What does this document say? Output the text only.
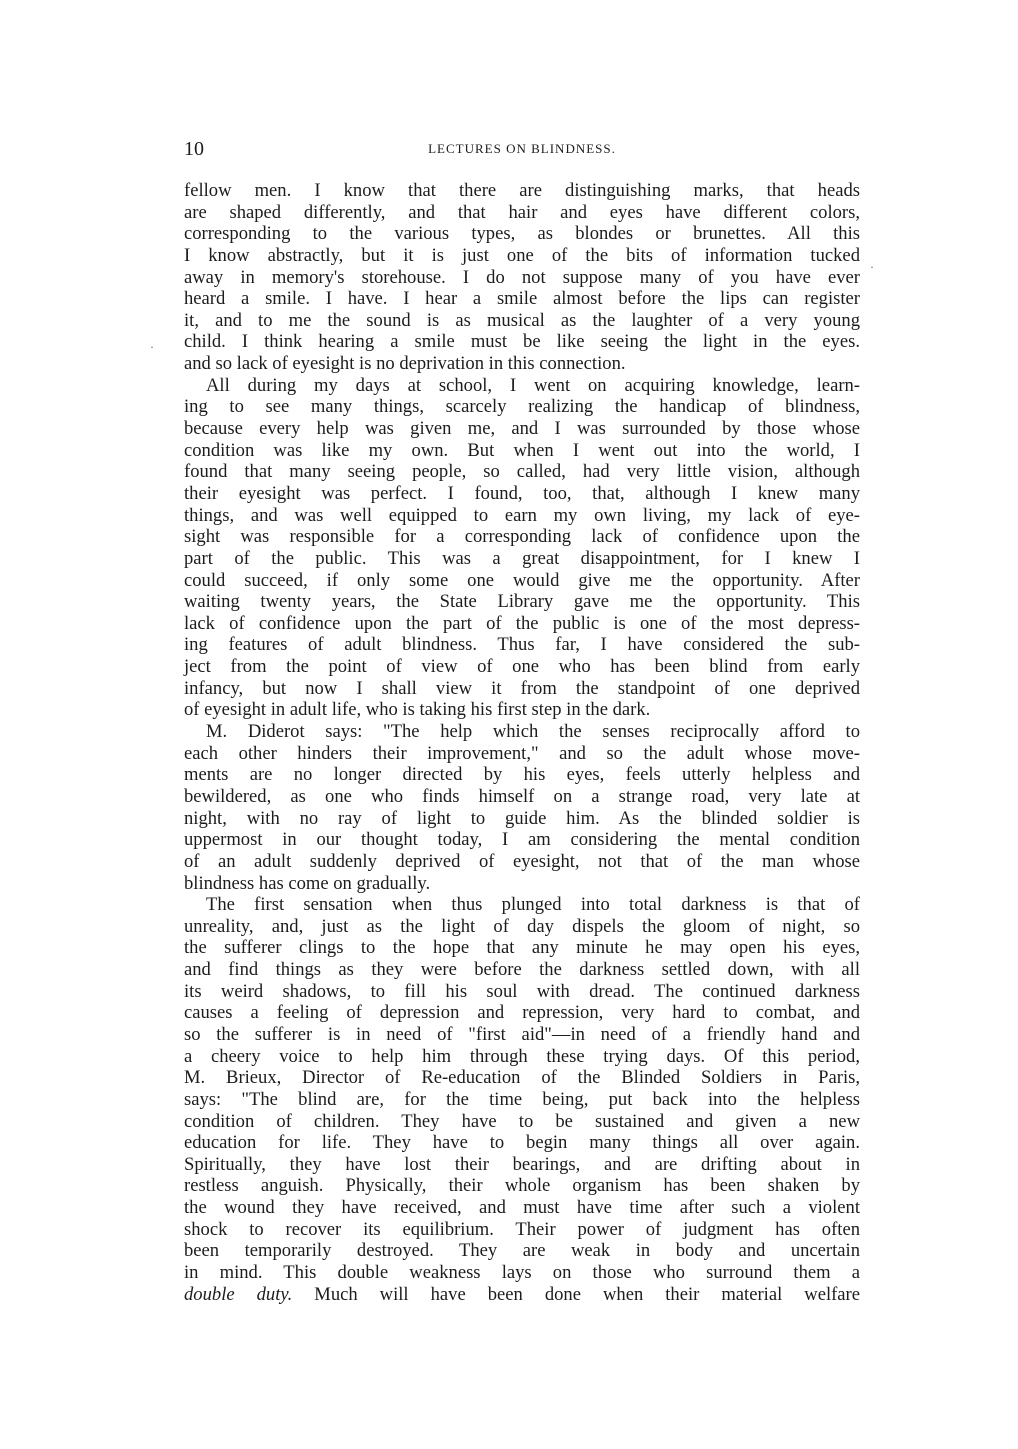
10	LECTURES ON BLINDNESS.
fellow men. I know that there are distinguishing marks, that heads
are shaped differently, and that hair and eyes have different colors,
corresponding to the various types, as blondes or brunettes. All this
I know abstractly, but it is just one of the bits of information tucked
away in memory's storehouse. I do not suppose many of you have ever
heard a smile. I have. I hear a smile almost before the lips can register
it, and to me the sound is as musical as the laughter of a very young
child. I think hearing a smile must be like seeing the light in the eyes.
and so lack of eyesight is no deprivation in this connection.
All during my days at school, I went on acquiring knowledge, learn-
ing to see many things, scarcely realizing the handicap of blindness,
because every help was given me, and I was surrounded by those whose
condition was like my own. But when I went out into the world, I
found that many seeing people, so called, had very little vision, although
their eyesight was perfect. I found, too, that, although I knew many
things, and was well equipped to earn my own living, my lack of eye-
sight was responsible for a corresponding lack of confidence upon the
part of the public. This was a great disappointment, for I knew I
could succeed, if only some one would give me the opportunity. After
waiting twenty years, the State Library gave me the opportunity. This
lack of confidence upon the part of the public is one of the most depress-
ing features of adult blindness. Thus far, I have considered the sub-
ject from the point of view of one who has been blind from early
infancy, but now I shall view it from the standpoint of one deprived
of eyesight in adult life, who is taking his first step in the dark.
M. Diderot says: "The help which the senses reciprocally afford to
each other hinders their improvement," and so the adult whose move-
ments are no longer directed by his eyes, feels utterly helpless and
bewildered, as one who finds himself on a strange road, very late at
night, with no ray of light to guide him. As the blinded soldier is
uppermost in our thought today, I am considering the mental condition
of an adult suddenly deprived of eyesight, not that of the man whose
blindness has come on gradually.
The first sensation when thus plunged into total darkness is that of
unreality, and, just as the light of day dispels the gloom of night, so
the sufferer clings to the hope that any minute he may open his eyes,
and find things as they were before the darkness settled down, with all
its weird shadows, to fill his soul with dread. The continued darkness
causes a feeling of depression and repression, very hard to combat, and
so the sufferer is in need of "first aid"—in need of a friendly hand and
a cheery voice to help him through these trying days. Of this period,
M. Brieux, Director of Re-education of the Blinded Soldiers in Paris,
says: "The blind are, for the time being, put back into the helpless
condition of children. They have to be sustained and given a new
education for life. They have to begin many things all over again.
Spiritually, they have lost their bearings, and are drifting about in
restless anguish. Physically, their whole organism has been shaken by
the wound they have received, and must have time after such a violent
shock to recover its equilibrium. Their power of judgment has often
been temporarily destroyed. They are weak in body and uncertain
in mind. This double weakness lays on those who surround them a
double duty. Much will have been done when their material welfare
·
·
